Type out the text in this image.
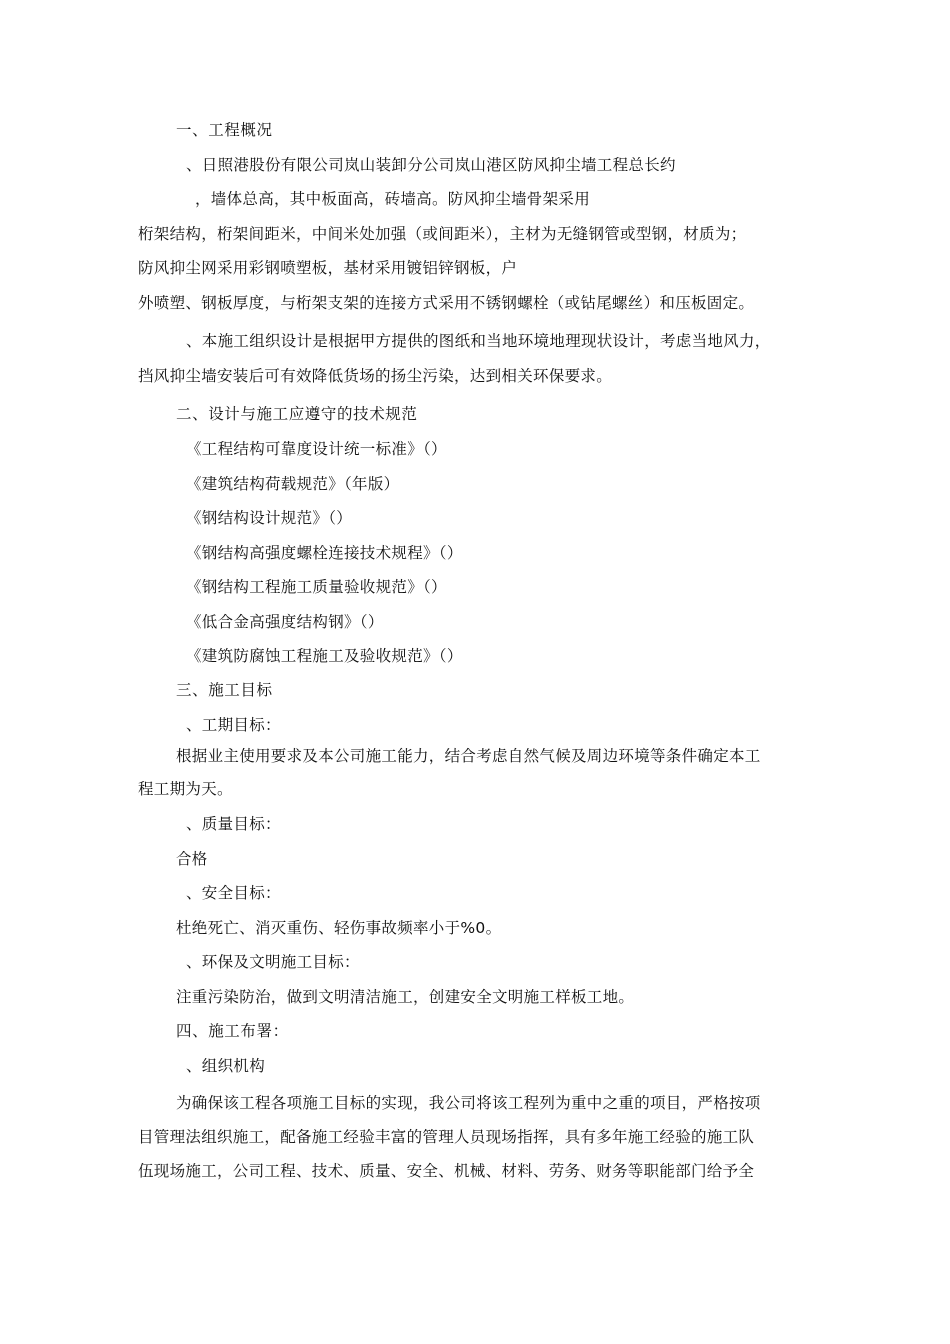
一、工程概况
、日照港股份有限公司岚山装卸分公司岚山港区防风抑尘墙工程总长约
，墙体总高，其中板面高，砖墙高。防风抑尘墙骨架采用
桁架结构，桁架间距米，中间米处加强（或间距米），主材为无缝钢管或型钢，材质为；
防风抑尘网采用彩钢喷塑板，基材采用镀铝锌钢板，户
外喷塑、钢板厚度，与桁架支架的连接方式采用不锈钢螺栓（或钻尾螺丝）和压板固定。
、本施工组织设计是根据甲方提供的图纸和当地环境地理现状设计，考虑当地风力，
挡风抑尘墙安装后可有效降低货场的扬尘污染，达到相关环保要求。
二、设计与施工应遵守的技术规范
《工程结构可靠度设计统一标准》（）
《建筑结构荷载规范》（年版）
《钢结构设计规范》（）
《钢结构高强度螺栓连接技术规程》（）
《钢结构工程施工质量验收规范》（）
《低合金高强度结构钢》（）
《建筑防腐蚀工程施工及验收规范》（）
三、施工目标
、工期目标：
根据业主使用要求及本公司施工能力，结合考虑自然气候及周边环境等条件确定本工
程工期为天。
、质量目标：
合格
、安全目标：
杜绝死亡、消灭重伤、轻伤事故频率小于%0。
、环保及文明施工目标：
注重污染防治，做到文明清洁施工，创建安全文明施工样板工地。
四、施工布署：
、组织机构
为确保该工程各项施工目标的实现，我公司将该工程列为重中之重的项目，严格按项
目管理法组织施工，配备施工经验丰富的管理人员现场指挥，具有多年施工经验的施工队
伍现场施工，公司工程、技术、质量、安全、机械、材料、劳务、财务等职能部门给予全
